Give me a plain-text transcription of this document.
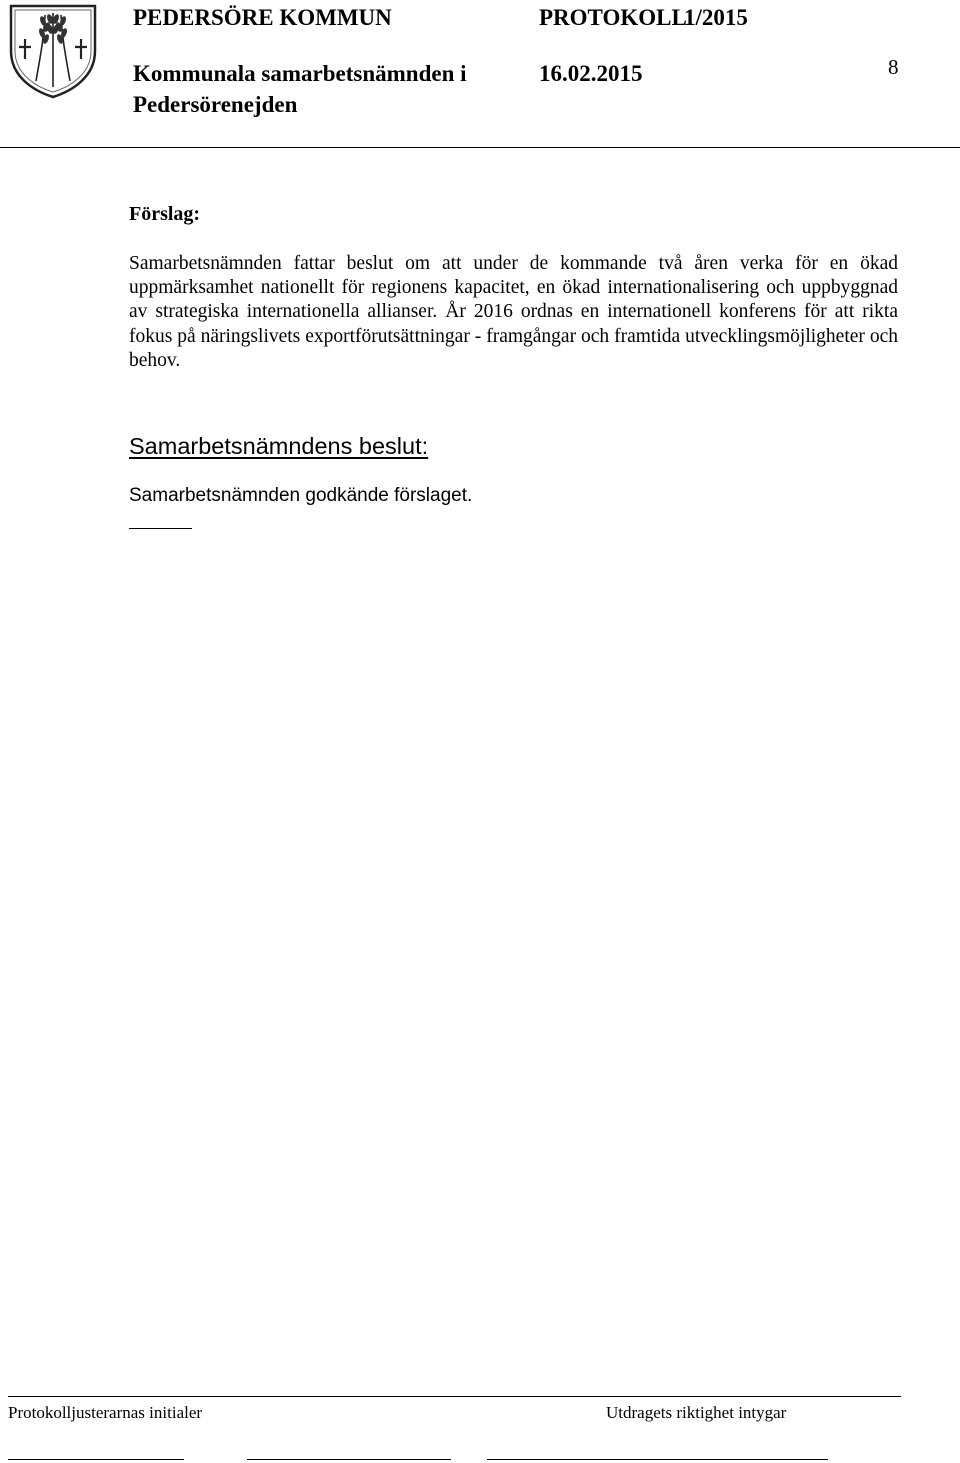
PEDERSÖRE KOMMUN	PROTOKOLL
1/2015
Kommunala samarbetsnämnden i	16.02.2015
Pedersörenejden
8
Förslag:
Samarbetsnämnden fattar beslut om att under de kommande två åren verka för en ökad uppmärksamhet nationellt för regionens kapacitet, en ökad internationalisering och uppbyggnad av strategiska internationella allianser. År 2016 ordnas en internationell konferens för att rikta fokus på näringslivets exportförutsättningar - framgångar och framtida utvecklingsmöjligheter och behov.
Samarbetsnämndens beslut:
Samarbetsnämnden godkände förslaget.
Protokolljusterarnas initialer	Utdragets riktighet intygar
